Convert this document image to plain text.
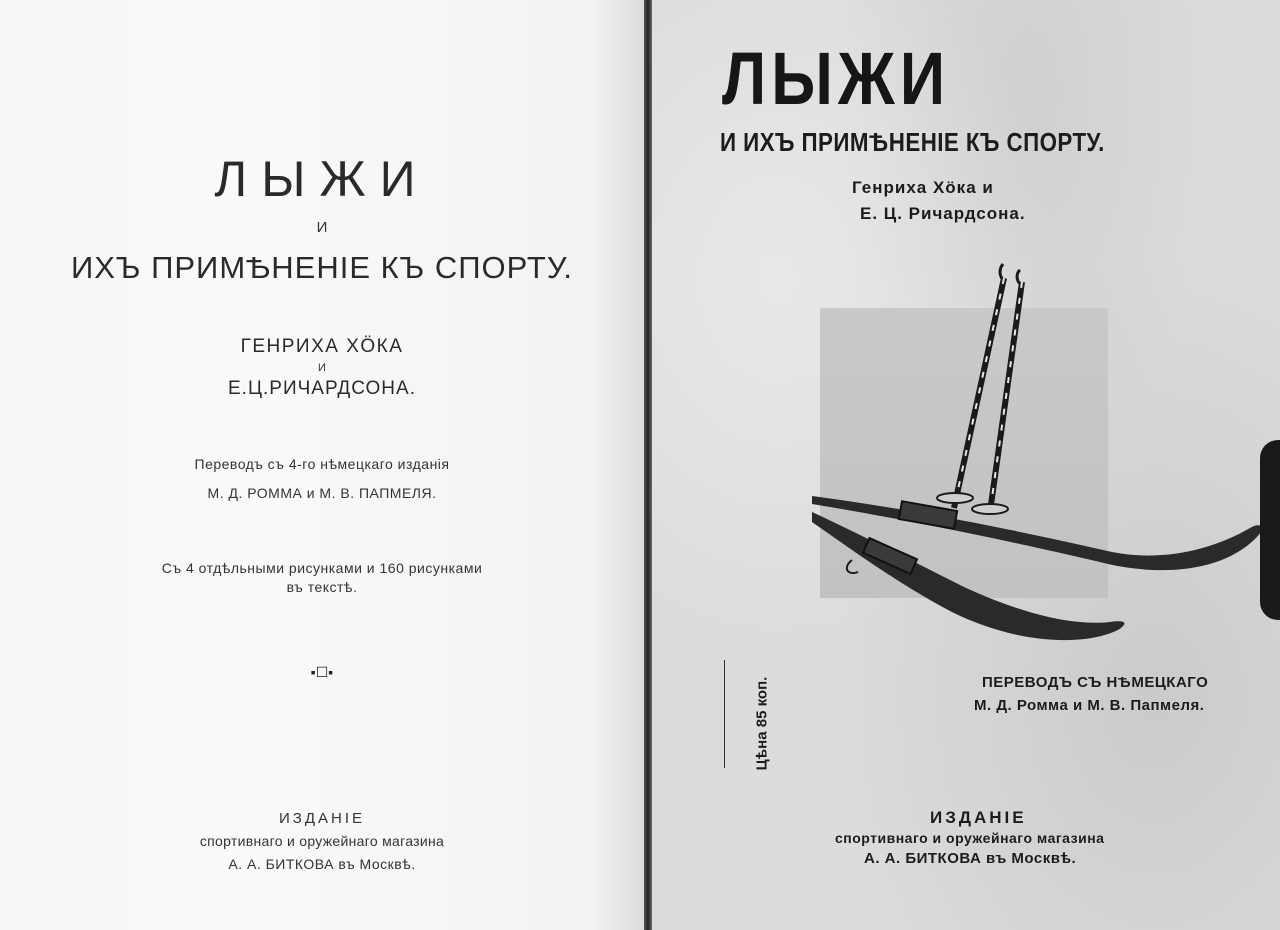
ЛЫЖИ
И
ИХЪ ПРИМѢНЕНІЕ КЪ СПОРТУ.
ГЕНРИХА ХÖКА
И
Е.Ц.РИЧАРДСОНА.
Переводъ съ 4-го нѣмецкаго изданія
М. Д. РОММА и М. В. ПАПМЕЛЯ.
Съ 4 отдѣльными рисунками и 160 рисунками
въ текстѣ.
▪☐▪
ИЗДАНІЕ
спортивнаго и оружейнаго магазина
А. А. БИТКОВА въ Москвѣ.
ЛЫЖИ
И ИХЪ ПРИМѢНЕНІЕ КЪ СПОРТУ.
Генриха Хöка и
Е. Ц. Ричардсона.
Цѣна 85 коп.	ПЕРЕВОДЪ СЪ НѢМЕЦКАГО
М. Д. Ромма и М. В. Папмеля.
ИЗДАНІЕ
спортивнаго и оружейнаго магазина
А. А. БИТКОВА въ Москвѣ.
